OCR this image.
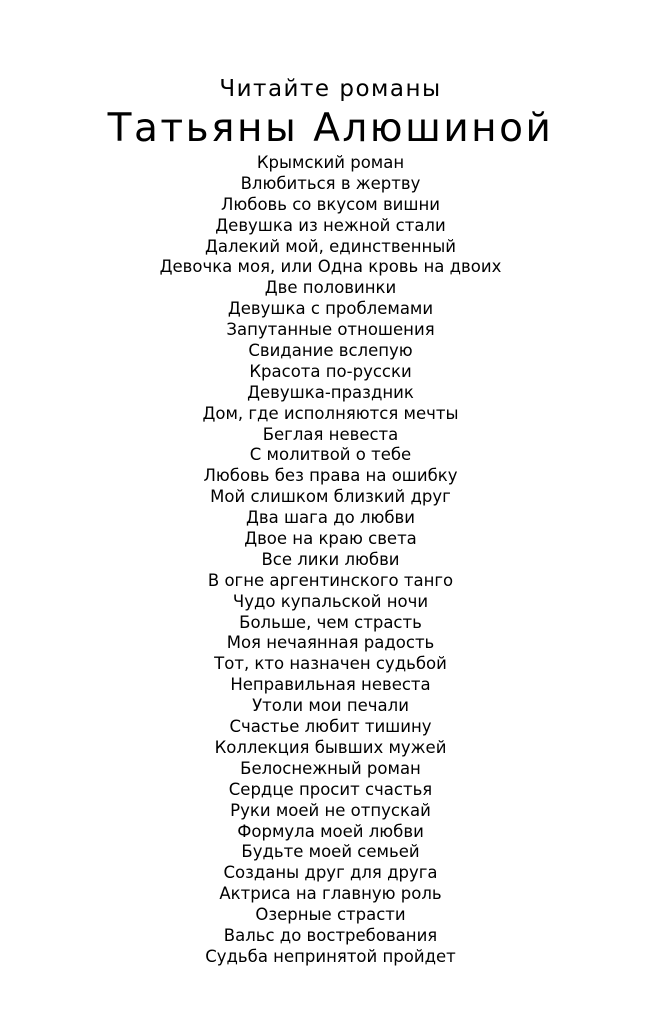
Читайте романы
Татьяны Алюшиной
Крымский роман
Влюбиться в жертву
Любовь со вкусом вишни
Девушка из нежной стали
Далекий мой, единственный
Девочка моя, или Одна кровь на двоих
Две половинки
Девушка с проблемами
Запутанные отношения
Свидание вслепую
Красота по-русски
Девушка-праздник
Дом, где исполняются мечты
Беглая невеста
С молитвой о тебе
Любовь без права на ошибку
Мой слишком близкий друг
Два шага до любви
Двое на краю света
Все лики любви
В огне аргентинского танго
Чудо купальской ночи
Больше, чем страсть
Моя нечаянная радость
Тот, кто назначен судьбой
Неправильная невеста
Утоли мои печали
Счастье любит тишину
Коллекция бывших мужей
Белоснежный роман
Сердце просит счастья
Руки моей не отпускай
Формула моей любви
Будьте моей семьей
Созданы друг для друга
Актриса на главную роль
Озерные страсти
Вальс до востребования
Судьба непринятой пройдет
